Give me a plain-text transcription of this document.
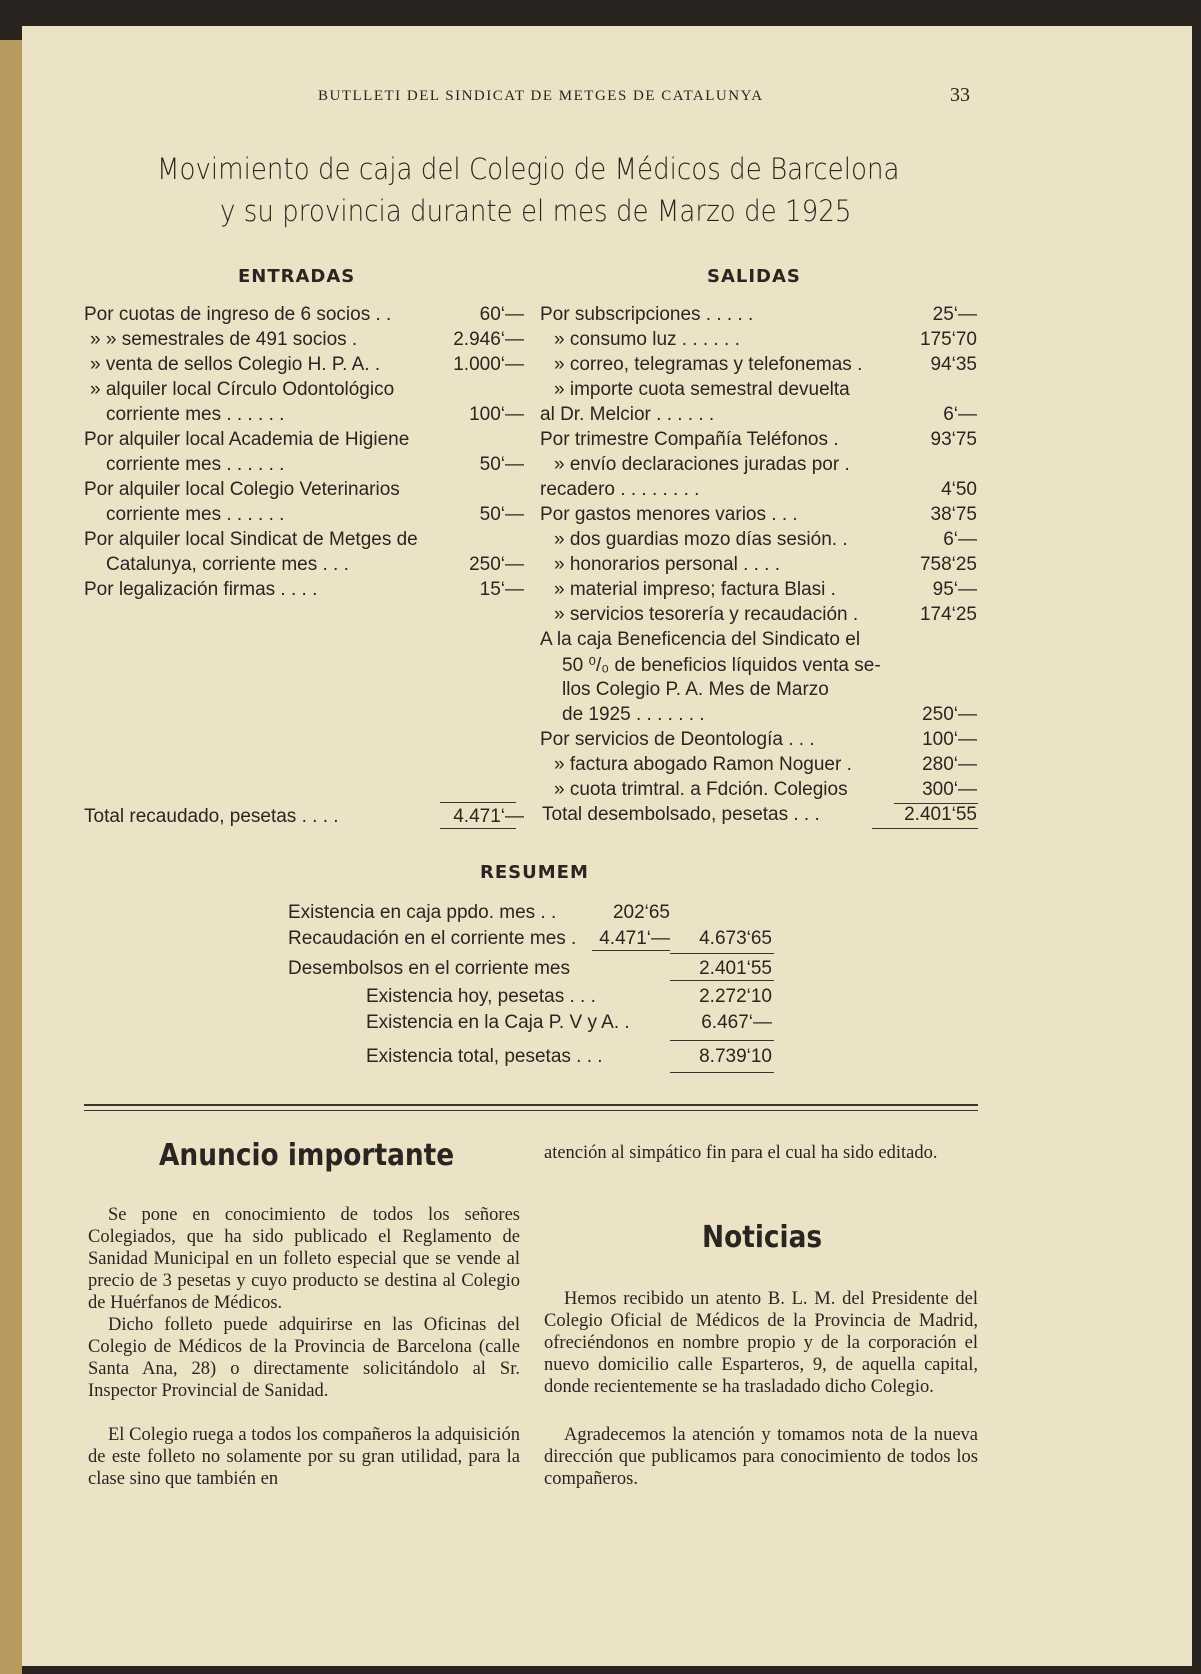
BUTLLETI DEL SINDICAT DE METGES DE CATALUNYA	33
Movimiento de caja del Colegio de Médicos de Barcelona
y su provincia durante el mes de Marzo de 1925
ENTRADAS
Total recaudado, pesetas . . . .	4.471‘—
SALIDAS
Total desembolsado, pesetas . . .	2.401‘55
RESUMEM
Anuncio importante
Se pone en conocimiento de todos los señores Colegiados, que ha sido publicado el Reglamento de Sanidad Municipal en un folleto especial que se vende al precio de 3 pesetas y cuyo producto se destina al Colegio de Huérfanos de Médicos.
Dicho folleto puede adquirirse en las Oficinas del Colegio de Médicos de la Provincia de Barcelona (calle Santa Ana, 28) o directamente solicitándolo al Sr. Inspector Provincial de Sanidad.
El Colegio ruega a todos los compañeros la adquisición de este folleto no solamente por su gran utilidad, para la clase sino que también en
atención al simpático fin para el cual ha sido editado.
Noticias
Hemos recibido un atento B. L. M. del Presidente del Colegio Oficial de Médicos de la Provincia de Madrid, ofreciéndonos en nombre propio y de la corporación el nuevo domicilio calle Esparteros, 9, de aquella capital, donde recientemente se ha trasladado dicho Colegio.
Agradecemos la atención y tomamos nota de la nueva dirección que publicamos para conocimiento de todos los compañeros.
Por cuotas de ingreso de 6 socios . .	60‘—
» » semestrales de 491 socios .	2.946‘—
» venta de sellos Colegio H. P. A. .	1.000‘—
» alquiler local Círculo Odontológico
corriente mes . . . . . .	100‘—
Por alquiler local Academia de Higiene
corriente mes . . . . . .	50‘—
Por alquiler local Colegio Veterinarios
corriente mes . . . . . .	50‘—
Por alquiler local Sindicat de Metges de
Catalunya, corriente mes . . .	250‘—
Por legalización firmas . . . .	15‘—
Por subscripciones . . . . .	25‘—
» consumo luz . . . . . .	175‘70
» correo, telegramas y telefonemas .	94‘35
» importe cuota semestral devuelta
al Dr. Melcior . . . . . .	6‘—
Por trimestre Compañía Teléfonos .	93‘75
» envío declaraciones juradas por .
recadero . . . . . . . .	4‘50
Por gastos menores varios . . .	38‘75
» dos guardias mozo días sesión. .	6‘—
» honorarios personal . . . .	758‘25
» material impreso; factura Blasi .	95‘—
» servicios tesorería y recaudación .	174‘25
A la caja Beneficencia del Sindicato el
50 ⁰/₀ de beneficios líquidos venta se-
llos Colegio P. A. Mes de Marzo
de 1925 . . . . . . .	250‘—
Por servicios de Deontología . . .	100‘—
» factura abogado Ramon Noguer .	280‘—
» cuota trimtral. a Fdción. Colegios	300‘—
Existencia en caja ppdo. mes . .	202‘65
Recaudación en el corriente mes .	4.471‘—	4.673‘65
Desembolsos en el corriente mes	2.401‘55
Existencia hoy, pesetas . . .	2.272‘10
Existencia en la Caja P. V y A. .	6.467‘—
Existencia total, pesetas . . .	8.739‘10
